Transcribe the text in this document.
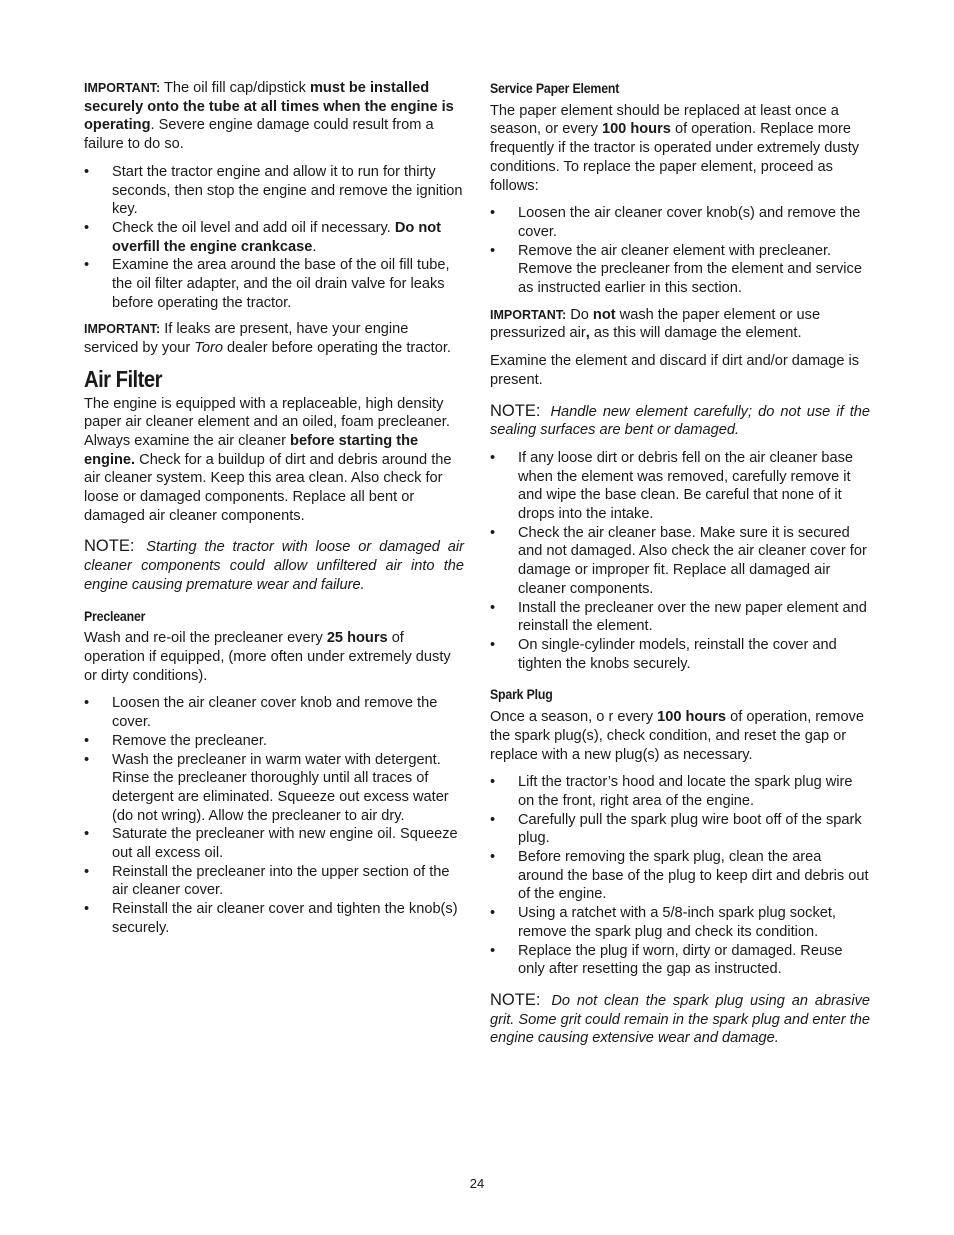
IMPORTANT: The oil fill cap/dipstick must be installed securely onto the tube at all times when the engine is operating. Severe engine damage could result from a failure to do so.

• Start the tractor engine and allow it to run for thirty seconds, then stop the engine and remove the ignition key.
• Check the oil level and add oil if necessary. Do not overfill the engine crankcase.
• Examine the area around the base of the oil fill tube, the oil filter adapter, and the oil drain valve for leaks before operating the tractor.

IMPORTANT: If leaks are present, have your engine serviced by your Toro dealer before operating the tractor.

Air Filter

The engine is equipped with a replaceable, high density paper air cleaner element and an oiled, foam precleaner. Always examine the air cleaner before starting the engine. Check for a buildup of dirt and debris around the air cleaner system. Keep this area clean. Also check for loose or damaged components. Replace all bent or damaged air cleaner components.

NOTE: Starting the tractor with loose or damaged air cleaner components could allow unfiltered air into the engine causing premature wear and failure.

Precleaner

Wash and re-oil the precleaner every 25 hours of operation if equipped, (more often under extremely dusty or dirty conditions).

• Loosen the air cleaner cover knob and remove the cover.
• Remove the precleaner.
• Wash the precleaner in warm water with detergent. Rinse the precleaner thoroughly until all traces of detergent are eliminated. Squeeze out excess water (do not wring). Allow the precleaner to air dry.
• Saturate the precleaner with new engine oil. Squeeze out all excess oil.
• Reinstall the precleaner into the upper section of the air cleaner cover.
• Reinstall the air cleaner cover and tighten the knob(s) securely.
Service Paper Element

The paper element should be replaced at least once a season, or every 100 hours of operation. Replace more frequently if the tractor is operated under extremely dusty conditions. To replace the paper element, proceed as follows:

• Loosen the air cleaner cover knob(s) and remove the cover.
• Remove the air cleaner element with precleaner. Remove the precleaner from the element and service as instructed earlier in this section.

IMPORTANT: Do not wash the paper element or use pressurized air, as this will damage the element.

Examine the element and discard if dirt and/or damage is present.

NOTE: Handle new element carefully; do not use if the sealing surfaces are bent or damaged.

• If any loose dirt or debris fell on the air cleaner base when the element was removed, carefully remove it and wipe the base clean. Be careful that none of it drops into the intake.
• Check the air cleaner base. Make sure it is secured and not damaged. Also check the air cleaner cover for damage or improper fit. Replace all damaged air cleaner components.
• Install the precleaner over the new paper element and reinstall the element.
• On single-cylinder models, reinstall the cover and tighten the knobs securely.
Spark Plug

Once a season, o r every 100 hours of operation, remove the spark plug(s), check condition, and reset the gap or replace with a new plug(s) as necessary.

• Lift the tractor’s hood and locate the spark plug wire on the front, right area of the engine.
• Carefully pull the spark plug wire boot off of the spark plug.
• Before removing the spark plug, clean the area around the base of the plug to keep dirt and debris out of the engine.
• Using a ratchet with a 5/8-inch spark plug socket, remove the spark plug and check its condition.
• Replace the plug if worn, dirty or damaged. Reuse only after resetting the gap as instructed.

NOTE: Do not clean the spark plug using an abrasive grit. Some grit could remain in the spark plug and enter the engine causing extensive wear and damage.

24
